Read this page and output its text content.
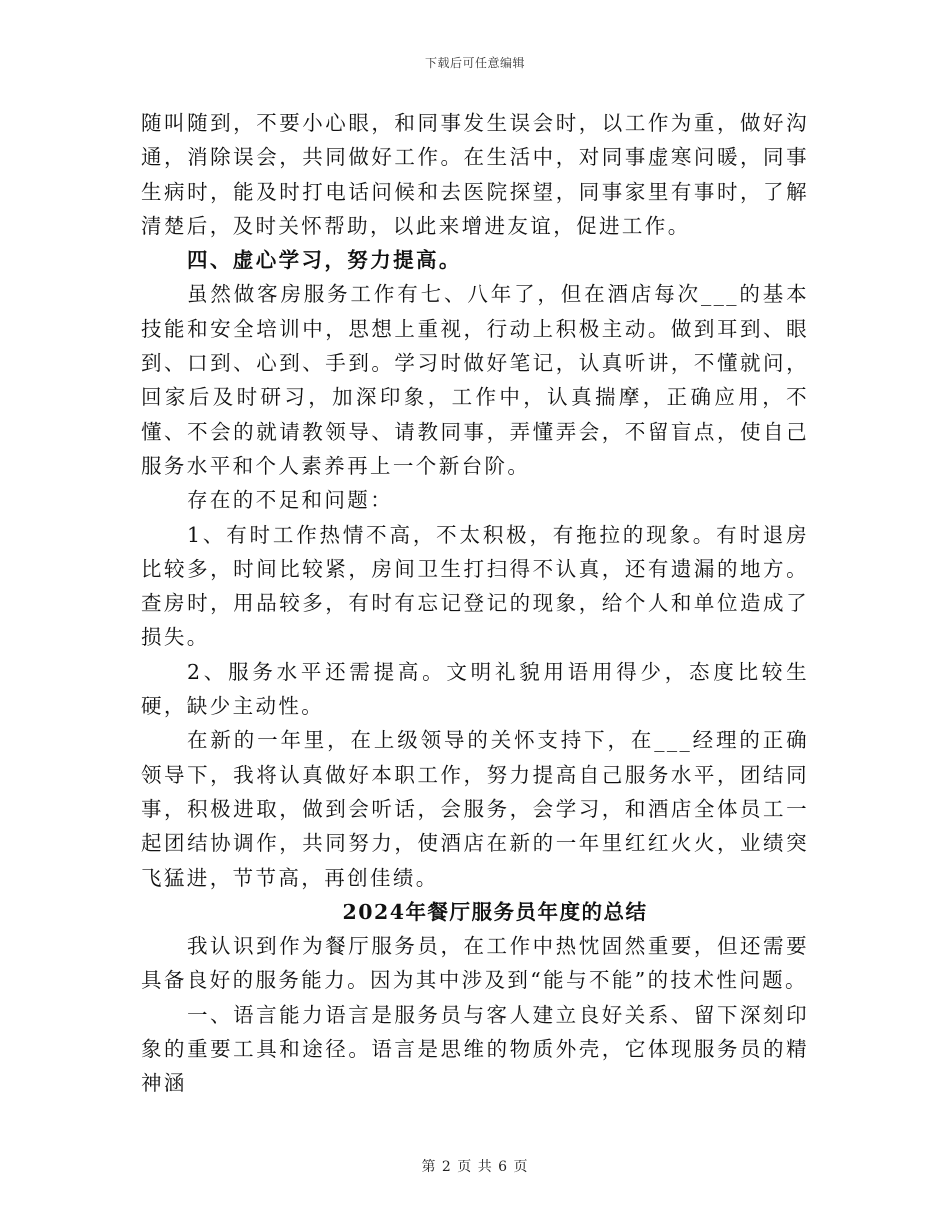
下载后可任意编辑

随叫随到，不要小心眼，和同事发生误会时，以工作为重，做好沟通，消除误会，共同做好工作。在生活中，对同事虚寒问暖，同事生病时，能及时打电话问候和去医院探望，同事家里有事时，了解清楚后，及时关怀帮助，以此来增进友谊，促进工作。

四、虚心学习，努力提高。

虽然做客房服务工作有七、八年了，但在酒店每次___的基本技能和安全培训中，思想上重视，行动上积极主动。做到耳到、眼到、口到、心到、手到。学习时做好笔记，认真听讲，不懂就问，回家后及时研习，加深印象，工作中，认真揣摩，正确应用，不懂、不会的就请教领导、请教同事，弄懂弄会，不留盲点，使自己服务水平和个人素养再上一个新台阶。

存在的不足和问题：

1、有时工作热情不高，不太积极，有拖拉的现象。有时退房比较多，时间比较紧，房间卫生打扫得不认真，还有遗漏的地方。查房时，用品较多，有时有忘记登记的现象，给个人和单位造成了损失。

2、服务水平还需提高。文明礼貌用语用得少，态度比较生硬，缺少主动性。

在新的一年里，在上级领导的关怀支持下，在___经理的正确领导下，我将认真做好本职工作，努力提高自己服务水平，团结同事，积极进取，做到会听话，会服务，会学习，和酒店全体员工一起团结协调作，共同努力，使酒店在新的一年里红红火火，业绩突飞猛进，节节高，再创佳绩。

2024年餐厅服务员年度的总结

我认识到作为餐厅服务员，在工作中热忱固然重要，但还需要具备良好的服务能力。因为其中涉及到“能与不能”的技术性问题。

一、语言能力语言是服务员与客人建立良好关系、留下深刻印象的重要工具和途径。语言是思维的物质外壳，它体现服务员的精神涵

第 2 页 共 6 页
